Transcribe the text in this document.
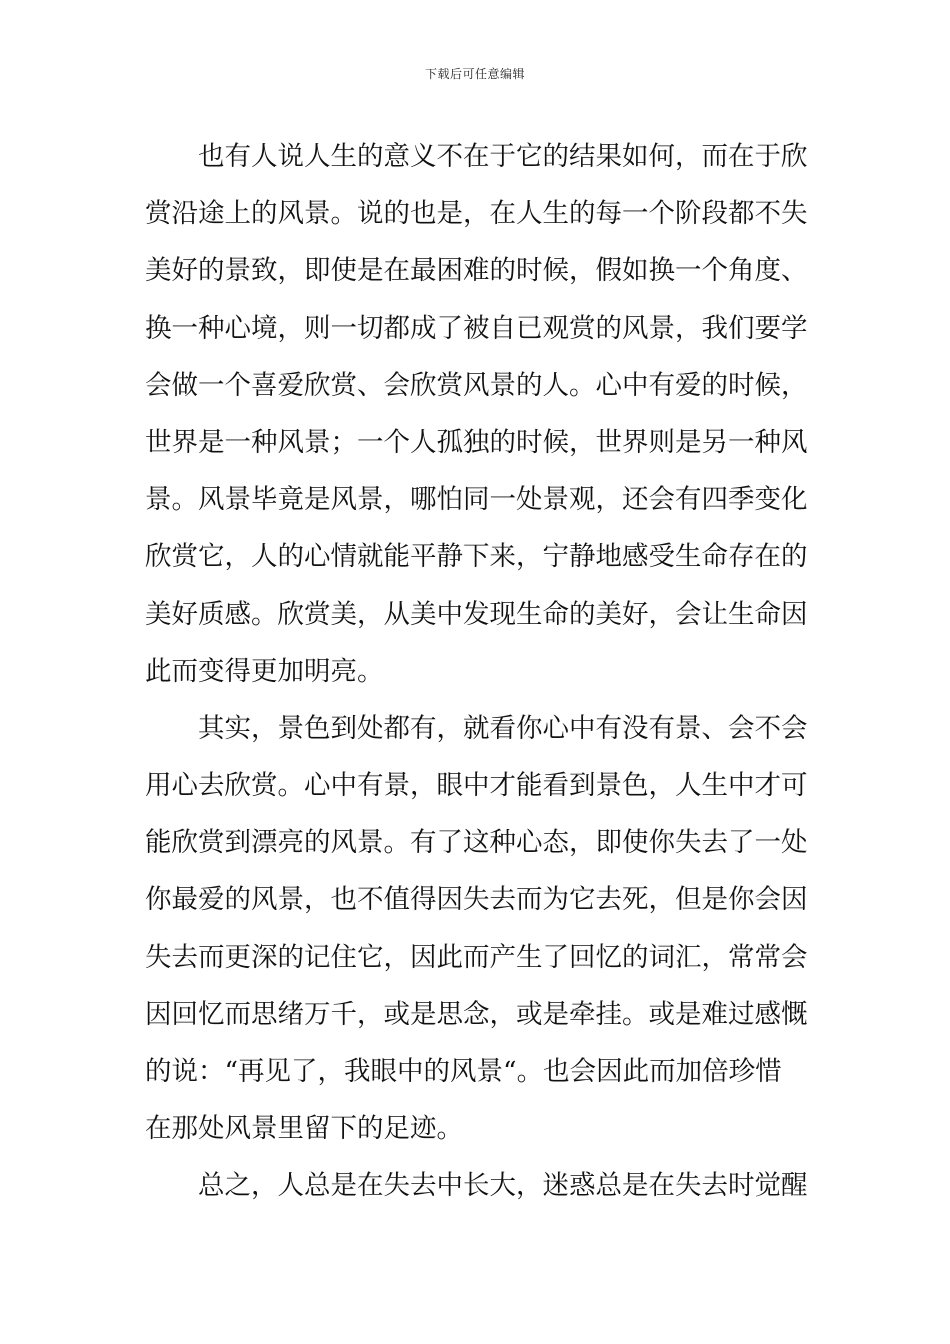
下载后可任意编辑
也有人说人生的意义不在于它的结果如何，而在于欣
赏沿途上的风景。说的也是，在人生的每一个阶段都不失
美好的景致，即使是在最困难的时候，假如换一个角度、
换一种心境，则一切都成了被自已观赏的风景，我们要学
会做一个喜爱欣赏、会欣赏风景的人。心中有爱的时候，
世界是一种风景；一个人孤独的时候，世界则是另一种风
景。风景毕竟是风景，哪怕同一处景观，还会有四季变化
欣赏它，人的心情就能平静下来，宁静地感受生命存在的
美好质感。欣赏美，从美中发现生命的美好，会让生命因
此而变得更加明亮。
其实，景色到处都有，就看你心中有没有景、会不会
用心去欣赏。心中有景，眼中才能看到景色，人生中才可
能欣赏到漂亮的风景。有了这种心态，即使你失去了一处
你最爱的风景，也不值得因失去而为它去死，但是你会因
失去而更深的记住它，因此而产生了回忆的词汇，常常会
因回忆而思绪万千，或是思念，或是牵挂。或是难过感慨
的说：“再见了，我眼中的风景“。也会因此而加倍珍惜
在那处风景里留下的足迹。
总之，人总是在失去中长大，迷惑总是在失去时觉醒
